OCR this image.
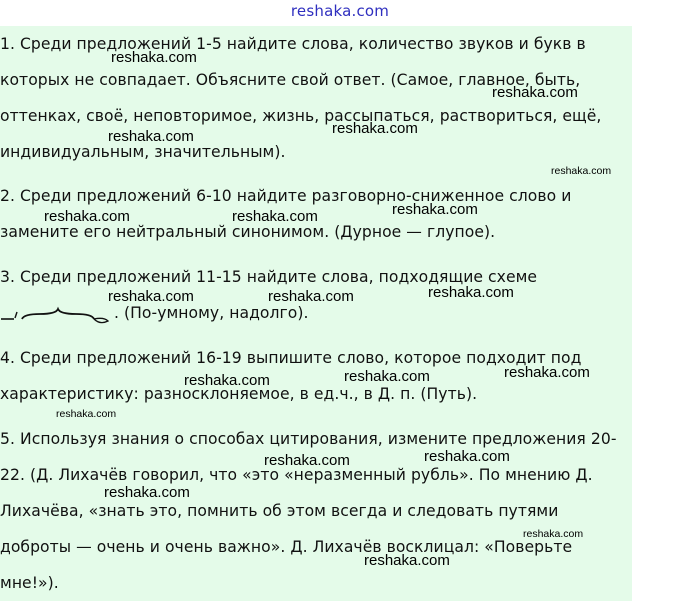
reshaka.com

1. Среди предложений 1-5 найдите слова, количество звуков и букв в

которых не совпадает. Объясните свой ответ. (Самое, главное, быть,

оттенках, своё, неповторимое, жизнь, рассыпаться, раствориться, ещё,

индивидуальным, значительным).

2. Среди предложений 6-10 найдите разговорно-сниженное слово и

замените его нейтральный синонимом. (Дурное — глупое).

3. Среди предложений 11-15 найдите слова, подходящие схеме

. (По-умному, надолго).

4. Среди предложений 16-19 выпишите слово, которое подходит под

характеристику: разносклоняемое, в ед.ч., в Д. п. (Путь).

5. Используя знания о способах цитирования, измените предложения 20-

22. (Д. Лихачёв говорил, что «это «неразменный рубль». По мнению Д.

Лихачёва, «знать это, помнить об этом всегда и следовать путями

доброты — очень и очень важно». Д. Лихачёв восклицал: «Поверьте

мне!»).

reshaka.com
reshaka.com
reshaka.com
reshaka.com
reshaka.com
reshaka.com
reshaka.com	reshaka.com
reshaka.com
reshaka.com	reshaka.com
reshaka.com
reshaka.com
reshaka.com
reshaka.com
reshaka.com
reshaka.com
reshaka.com
reshaka.com
reshaka.com
